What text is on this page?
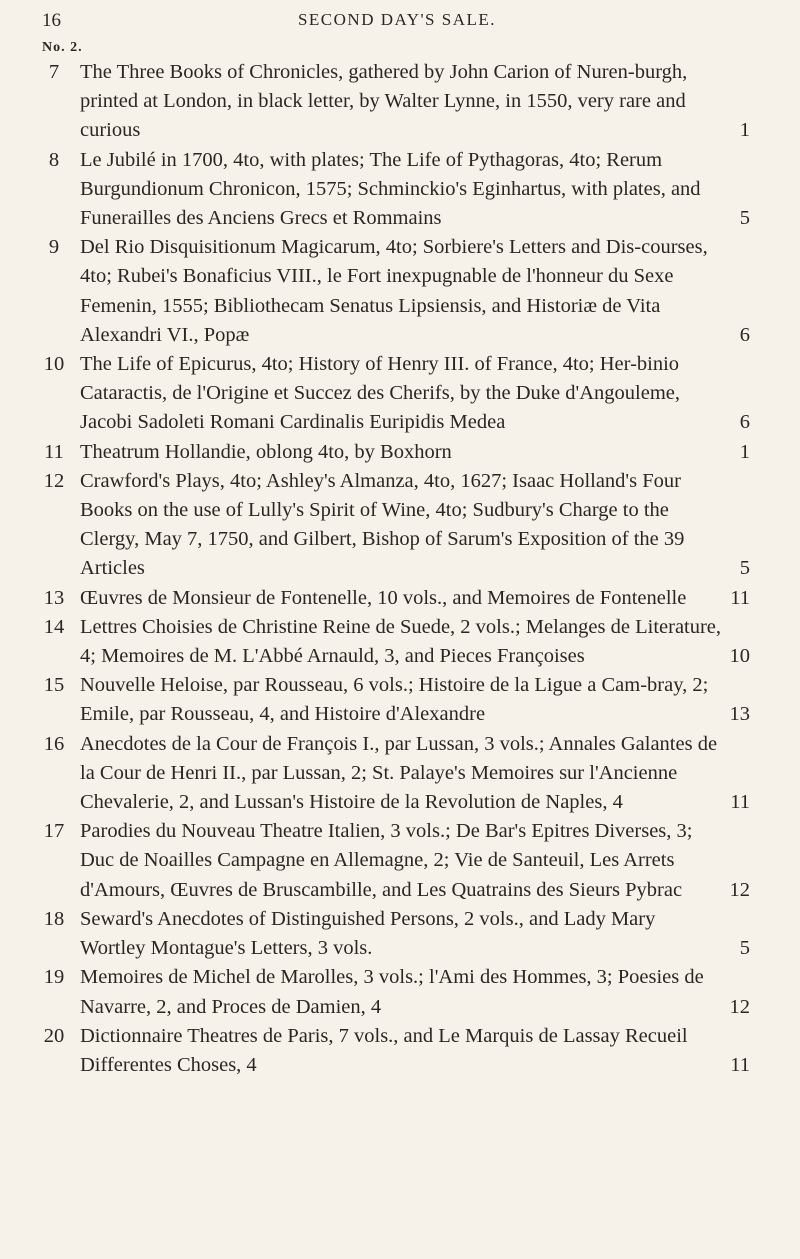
16	SECOND DAY'S SALE.
No. 2.
7	The Three Books of Chronicles, gathered by John Carion of Nuren-burgh, printed at London, in black letter, by Walter Lynne, in 1550, very rare and curious	1
8	Le Jubilé in 1700, 4to, with plates; The Life of Pythagoras, 4to; Rerum Burgundionum Chronicon, 1575; Schminckio's Eginhartus, with plates, and Funerailles des Anciens Grecs et Rommains	5
9	Del Rio Disquisitionum Magicarum, 4to; Sorbiere's Letters and Dis-courses, 4to; Rubei's Bonaficius VIII., le Fort inexpugnable de l'honneur du Sexe Femenin, 1555; Bibliothecam Senatus Lipsiensis, and Historiæ de Vita Alexandri VI., Popæ	6
10 The Life of Epicurus, 4to; History of Henry III. of France, 4to; Her-binio Cataractis, de l'Origine et Succez des Cherifs, by the Duke d'Angouleme, Jacobi Sadoleti Romani Cardinalis Euripidis Medea	6
11 Theatrum Hollandie, oblong 4to, by Boxhorn	1
12 Crawford's Plays, 4to; Ashley's Almanza, 4to, 1627; Isaac Holland's Four Books on the use of Lully's Spirit of Wine, 4to; Sudbury's Charge to the Clergy, May 7, 1750, and Gilbert, Bishop of Sarum's Exposition of the 39 Articles	5
13 Œuvres de Monsieur de Fontenelle, 10 vols., and Memoires de Fontenelle	11
14 Lettres Choisies de Christine Reine de Suede, 2 vols.; Melanges de Literature, 4; Memoires de M. L'Abbé Arnauld, 3, and Pieces Françoises	10
15 Nouvelle Heloise, par Rousseau, 6 vols.; Histoire de la Ligue a Cam-bray, 2; Emile, par Rousseau, 4, and Histoire d'Alexandre	13
16 Anecdotes de la Cour de François I., par Lussan, 3 vols.; Annales Galantes de la Cour de Henri II., par Lussan, 2; St. Palaye's Memoires sur l'Ancienne Chevalerie, 2, and Lussan's Histoire de la Revolution de Naples, 4	11
17 Parodies du Nouveau Theatre Italien, 3 vols.; De Bar's Epitres Diverses, 3; Duc de Noailles Campagne en Allemagne, 2; Vie de Santeuil, Les Arrets d'Amours, Œuvres de Bruscambille, and Les Quatrains des Sieurs Pybrac	12
18 Seward's Anecdotes of Distinguished Persons, 2 vols., and Lady Mary Wortley Montague's Letters, 3 vols.	5
19 Memoires de Michel de Marolles, 3 vols.; l'Ami des Hommes, 3; Poesies de Navarre, 2, and Proces de Damien, 4	12
20 Dictionnaire Theatres de Paris, 7 vols., and Le Marquis de Lassay Recueil Differentes Choses, 4	11
